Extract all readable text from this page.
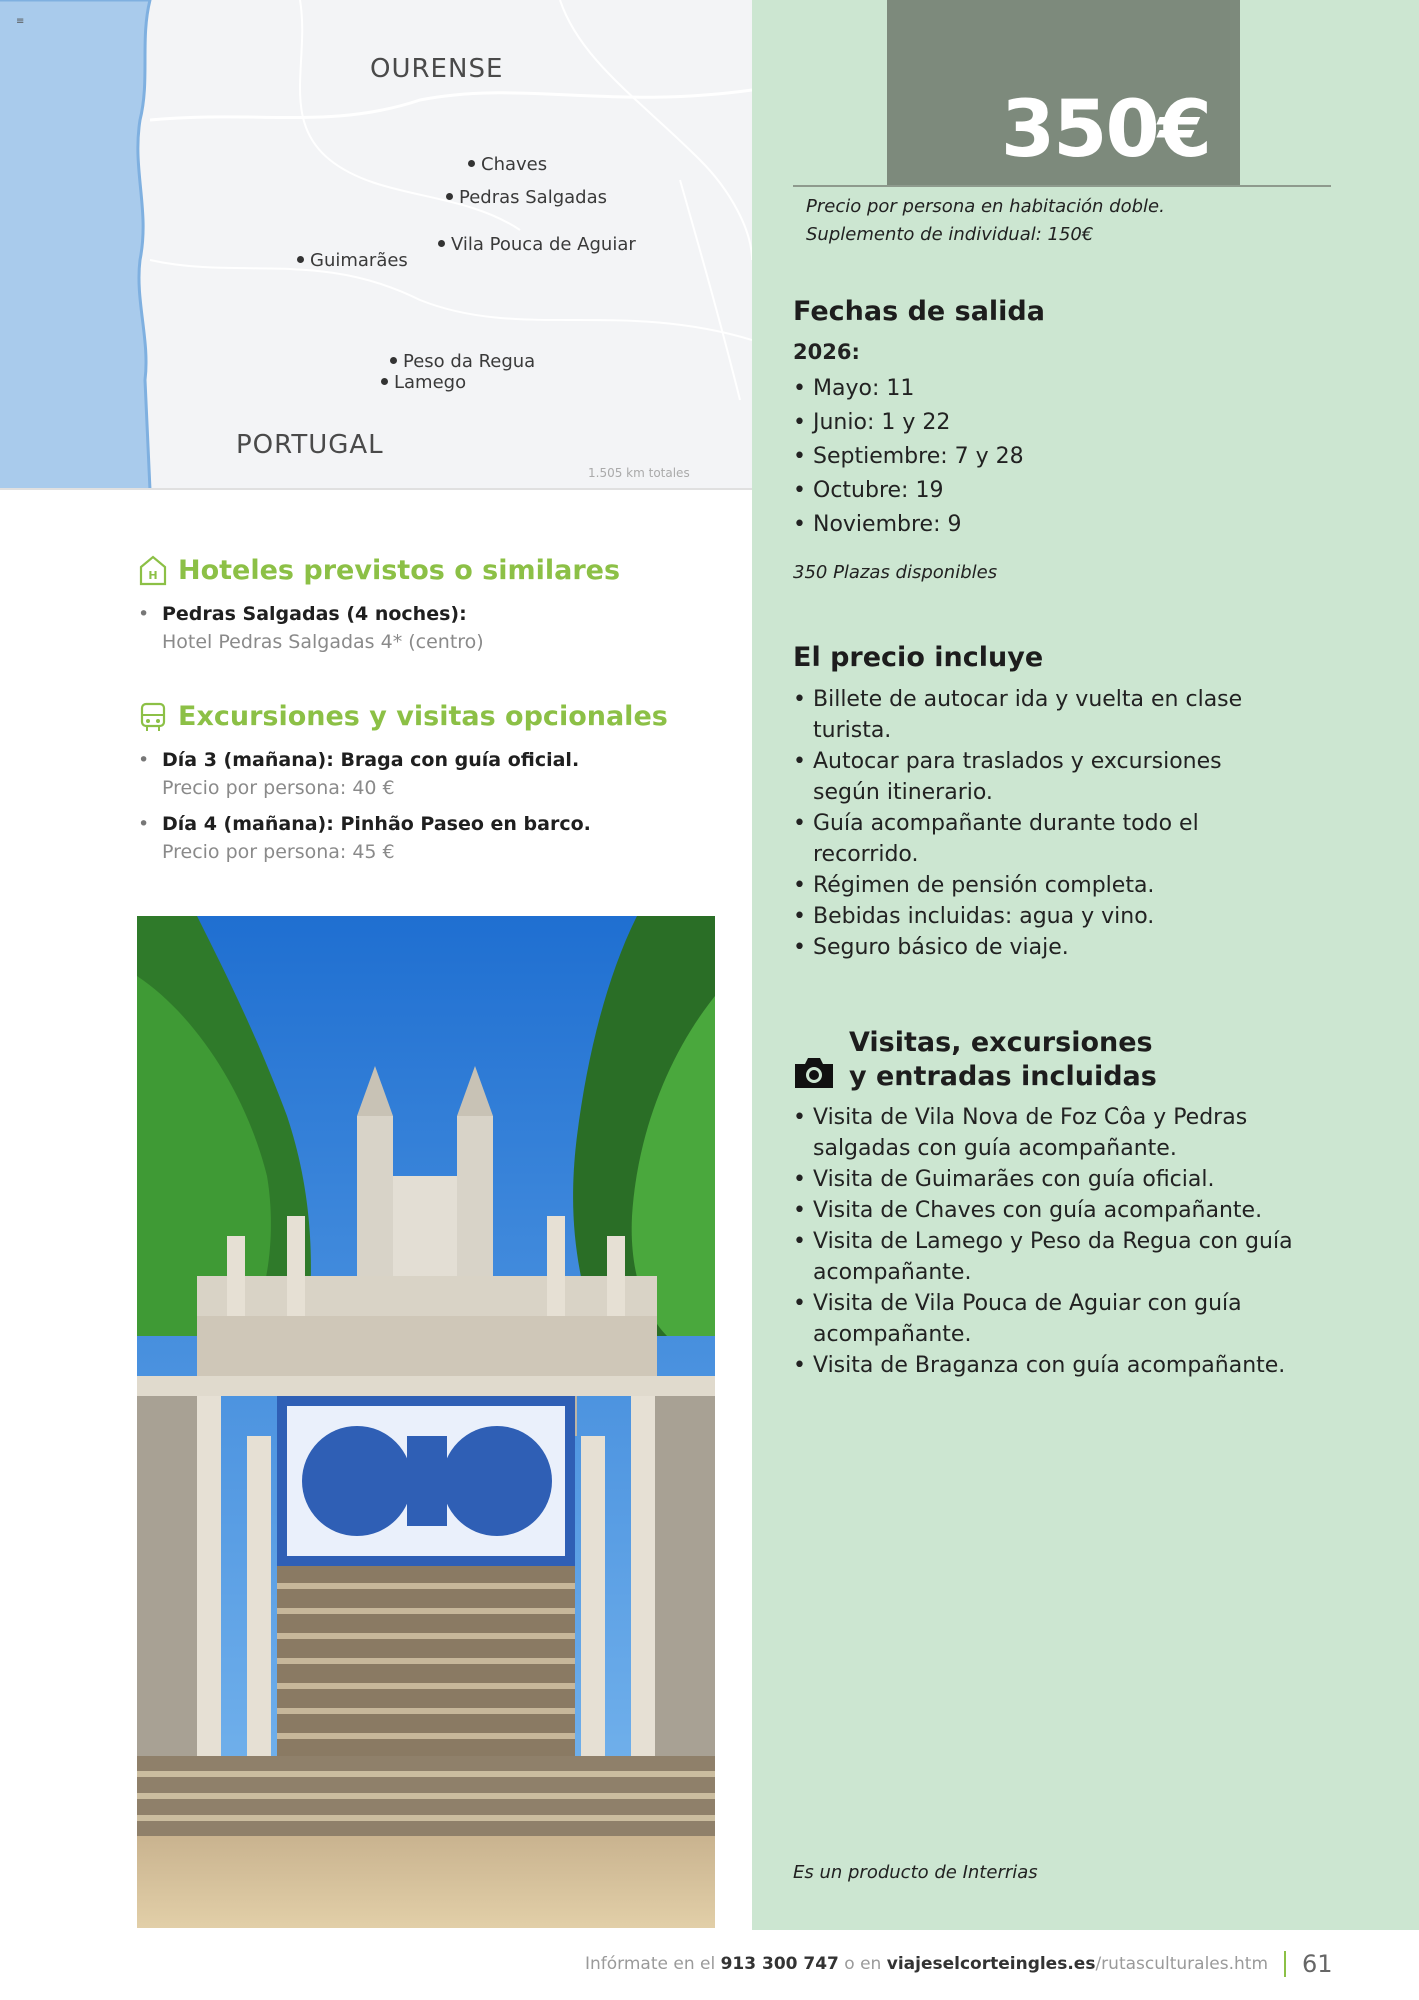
OURENSE
PORTUGAL
Chaves
Pedras Salgadas
Vila Pouca de Aguiar
Guimarães
Peso da Regua
Lamego
1.505 km totales
≡
H Hoteles previstos o similares
• Pedras Salgadas (4 noches):
Hotel Pedras Salgadas 4* (centro)
Excursiones y visitas opcionales
• Día 3 (mañana): Braga con guía oficial.
Precio por persona: 40 €
• Día 4 (mañana): Pinhão Paseo en barco.
Precio por persona: 45 €
350€
Precio por persona en habitación doble.
Suplemento de individual: 150€
Fechas de salida
2026:
• Mayo: 11
• Junio: 1 y 22
• Septiembre: 7 y 28
• Octubre: 19
• Noviembre: 9
350 Plazas disponibles
El precio incluye
• Billete de autocar ida y vuelta en clase turista.
• Autocar para traslados y excursiones según itinerario.
• Guía acompañante durante todo el recorrido.
• Régimen de pensión completa.
• Bebidas incluidas: agua y vino.
• Seguro básico de viaje.
Visitas, excursiones
y entradas incluidas
• Visita de Vila Nova de Foz Côa y Pedras salgadas con guía acompañante.
• Visita de Guimarães con guía oficial.
• Visita de Chaves con guía acompañante.
• Visita de Lamego y Peso da Regua con guía acompañante.
• Visita de Vila Pouca de Aguiar con guía acompañante.
• Visita de Braganza con guía acompañante.
Es un producto de Interrias
Infórmate en el 913 300 747 o en viajeselcorteingles.es/rutasculturales.htm 61
